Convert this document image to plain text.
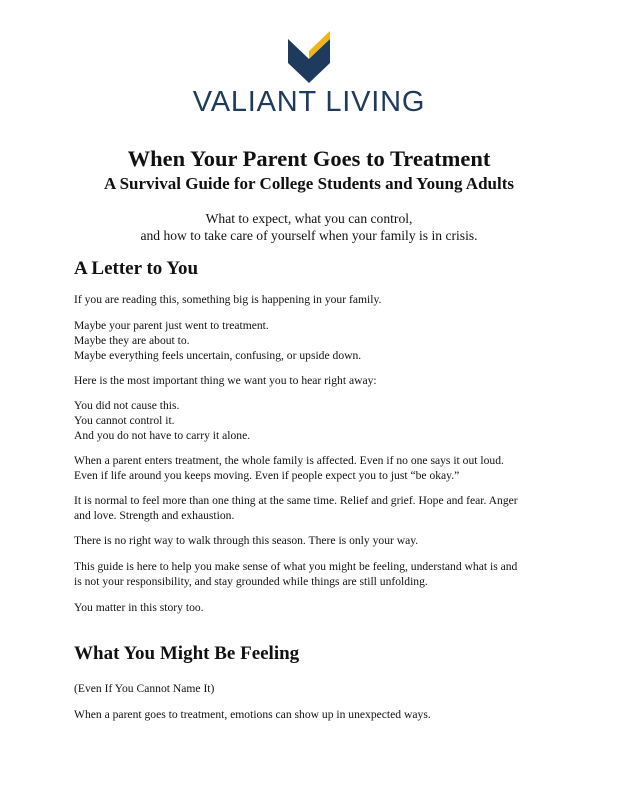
VALIANT LIVING
When Your Parent Goes to Treatment
A Survival Guide for College Students and Young Adults
What to expect, what you can control,
and how to take care of yourself when your family is in crisis.
A Letter to You
If you are reading this, something big is happening in your family.
Maybe your parent just went to treatment.
Maybe they are about to.
Maybe everything feels uncertain, confusing, or upside down.
Here is the most important thing we want you to hear right away:
You did not cause this.
You cannot control it.
And you do not have to carry it alone.
When a parent enters treatment, the whole family is affected. Even if no one says it out loud.
Even if life around you keeps moving. Even if people expect you to just “be okay.”
It is normal to feel more than one thing at the same time. Relief and grief. Hope and fear. Anger
and love. Strength and exhaustion.
There is no right way to walk through this season. There is only your way.
This guide is here to help you make sense of what you might be feeling, understand what is and
is not your responsibility, and stay grounded while things are still unfolding.
You matter in this story too.
What You Might Be Feeling
(Even If You Cannot Name It)
When a parent goes to treatment, emotions can show up in unexpected ways.
